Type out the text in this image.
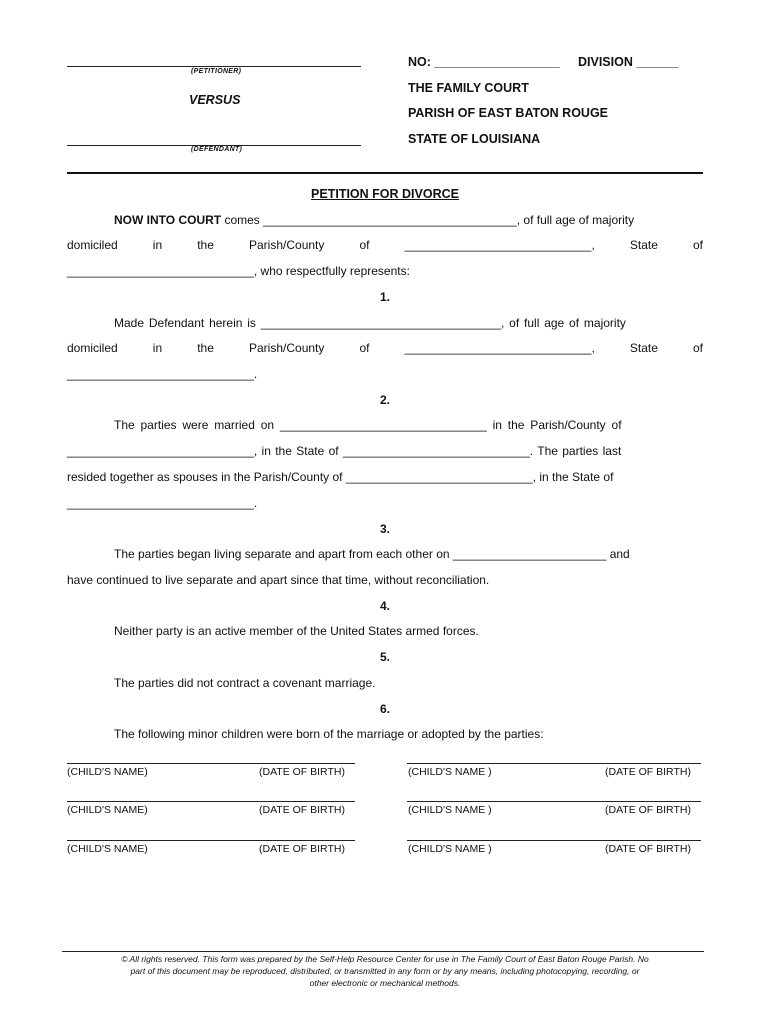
(PETITIONER)
VERSUS
(DEFENDANT)
NO: __________________ DIVISION ______
THE FAMILY COURT
PARISH OF EAST BATON ROUGE
STATE OF LOUISIANA
PETITION FOR DIVORCE
NOW INTO COURT comes ______________________________________, of full age of majority
domiciled in the Parish/County of ____________________________, State of
____________________________, who respectfully represents:
1.
Made Defendant herein is ____________________________________, of full age of majority
domiciled in the Parish/County of ____________________________, State of
____________________________.
2.
The parties were married on _______________________________ in the Parish/County of
____________________________, in the State of ____________________________. The parties last
resided together as spouses in the Parish/County of ____________________________, in the State of
____________________________.
3.
The parties began living separate and apart from each other on _______________________ and
have continued to live separate and apart since that time, without reconciliation.
4.
Neither party is an active member of the United States armed forces.
5.
The parties did not contract a covenant marriage.
6.
The following minor children were born of the marriage or adopted by the parties:
(CHILD'S NAME)	(DATE OF BIRTH)	(CHILD'S NAME )	(DATE OF BIRTH)
(CHILD'S NAME)	(DATE OF BIRTH)	(CHILD'S NAME )	(DATE OF BIRTH)
(CHILD'S NAME)	(DATE OF BIRTH)	(CHILD'S NAME )	(DATE OF BIRTH)
© All rights reserved. This form was prepared by the Self-Help Resource Center for use in The Family Court of East Baton Rouge Parish. No
part of this document may be reproduced, distributed, or transmitted in any form or by any means, including photocopying, recording, or
other electronic or mechanical methods.
